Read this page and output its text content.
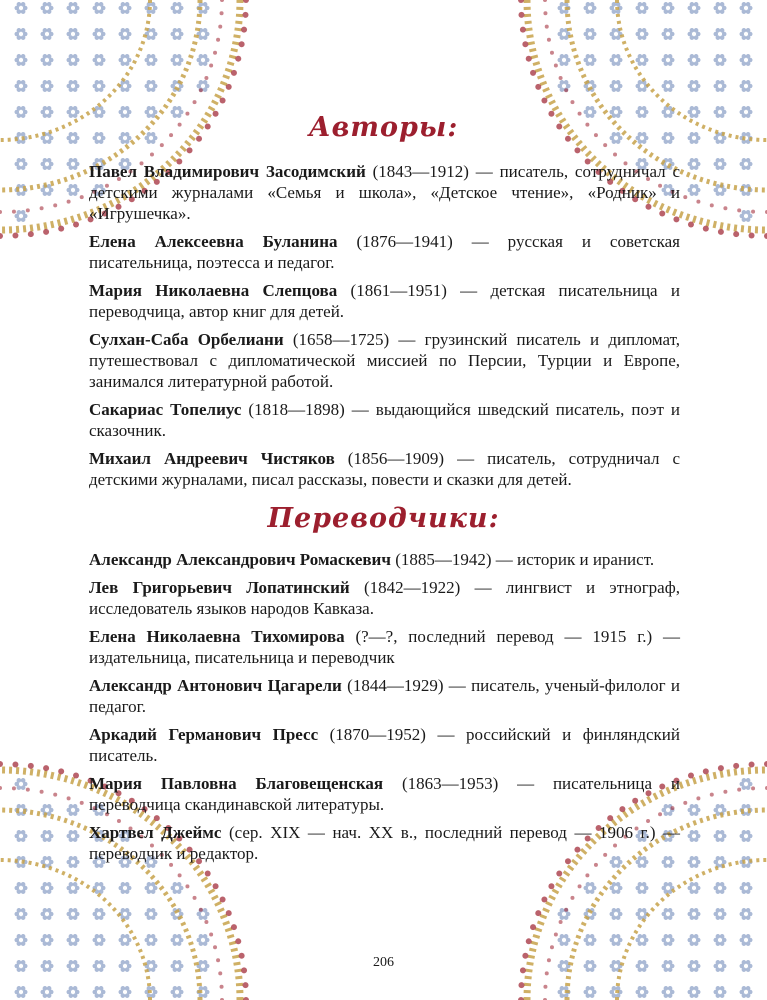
Авторы:

Павел Владимирович Засодимский (1843—1912) — писатель, сотрудничал с детскими журналами «Семья и школа», «Детское чтение», «Родник» и «Игрушечка».

Елена Алексеевна Буланина (1876—1941) — русская и советская писательница, поэтесса и педагог.

Мария Николаевна Слепцова (1861—1951) — детская писательница и переводчица, автор книг для детей.

Сулхан-Саба Орбелиани (1658—1725) — грузинский писатель и дипломат, путешествовал с дипломатической миссией по Персии, Турции и Европе, занимался литературной работой.

Сакариас Топелиус (1818—1898) — выдающийся шведский писатель, поэт и сказочник.

Михаил Андреевич Чистяков (1856—1909) — писатель, сотрудничал с детскими журналами, писал рассказы, повести и сказки для детей.

Переводчики:

Александр Александрович Ромаскевич (1885—1942) — историк и иранист.

Лев Григорьевич Лопатинский (1842—1922) — лингвист и этнограф, исследователь языков народов Кавказа.

Елена Николаевна Тихомирова (?—?, последний перевод — 1915 г.) — издательница, писательница и переводчик

Александр Антонович Цагарели (1844—1929) — писатель, ученый-филолог и педагог.

Аркадий Германович Пресс (1870—1952) — российский и финляндский писатель.

Мария Павловна Благовещенская (1863—1953) — писательница и переводчица скандинавской литературы.

Хартвел Джеймс (сер. XIX — нач. XX в., последний перевод — 1906 г.) — переводчик и редактор.

206
